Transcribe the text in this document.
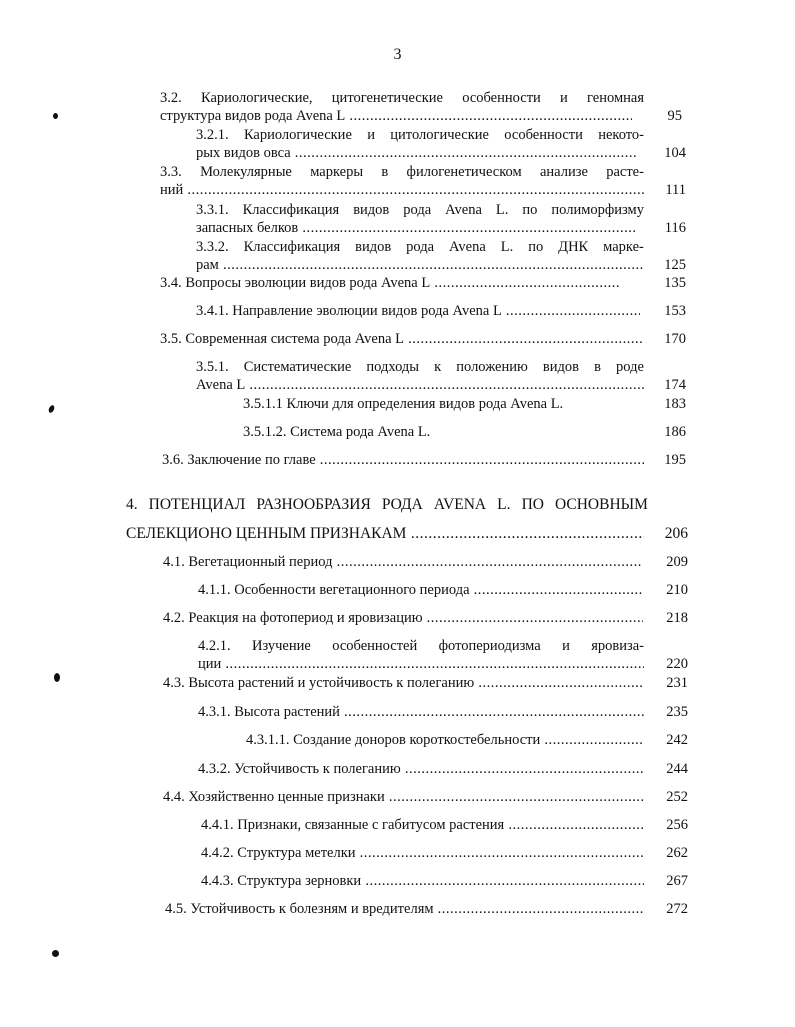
3
3.2. Кариологические, цитогенетические особенности и геномная
структура видов рода Avena L .....	95
3.2.1. Кариологические и цитологические особенности некото-
рых видов овса .....	104
3.3. Молекулярные маркеры в филогенетическом анализе расте-
ний .....	111
3.3.1. Классификация видов рода Avena L. по полиморфизму
запасных белков .....	116
3.3.2. Классификация видов рода Avena L. по ДНК марке-
рам .....	125
3.4. Вопросы эволюции видов рода Avena L .....	135
3.4.1. Направление эволюции видов рода Avena L .....	153
3.5. Современная система рода Avena L .....	170
3.5.1. Систематические подходы к положению видов в роде
Avena L .....	174
3.5.1.1 Ключи для определения видов рода Avena L.	183
3.5.1.2. Система рода Avena L.	186
3.6. Заключение по главе .....	195
4. ПОТЕНЦИАЛ РАЗНООБРАЗИЯ РОДА AVENA L. ПО ОСНОВНЫМ
СЕЛЕКЦИОНО ЦЕННЫМ ПРИЗНАКАМ .....	206
4.1. Вегетационный период .....	209
4.1.1. Особенности вегетационного периода .....	210
4.2. Реакция на фотопериод и яровизацию .....	218
4.2.1. Изучение особенностей фотопериодизма и яровиза-
ции .....	220
4.3. Высота растений и устойчивость к полеганию .....	231
4.3.1. Высота растений .....	235
4.3.1.1. Создание доноров короткостебельности .....	242
4.3.2. Устойчивость к полеганию .....	244
4.4. Хозяйственно ценные признаки .....	252
4.4.1. Признаки, связанные с габитусом растения .....	256
4.4.2. Структура метелки .....	262
4.4.3. Структура зерновки .....	267
4.5. Устойчивость к болезням и вредителям .....	272
